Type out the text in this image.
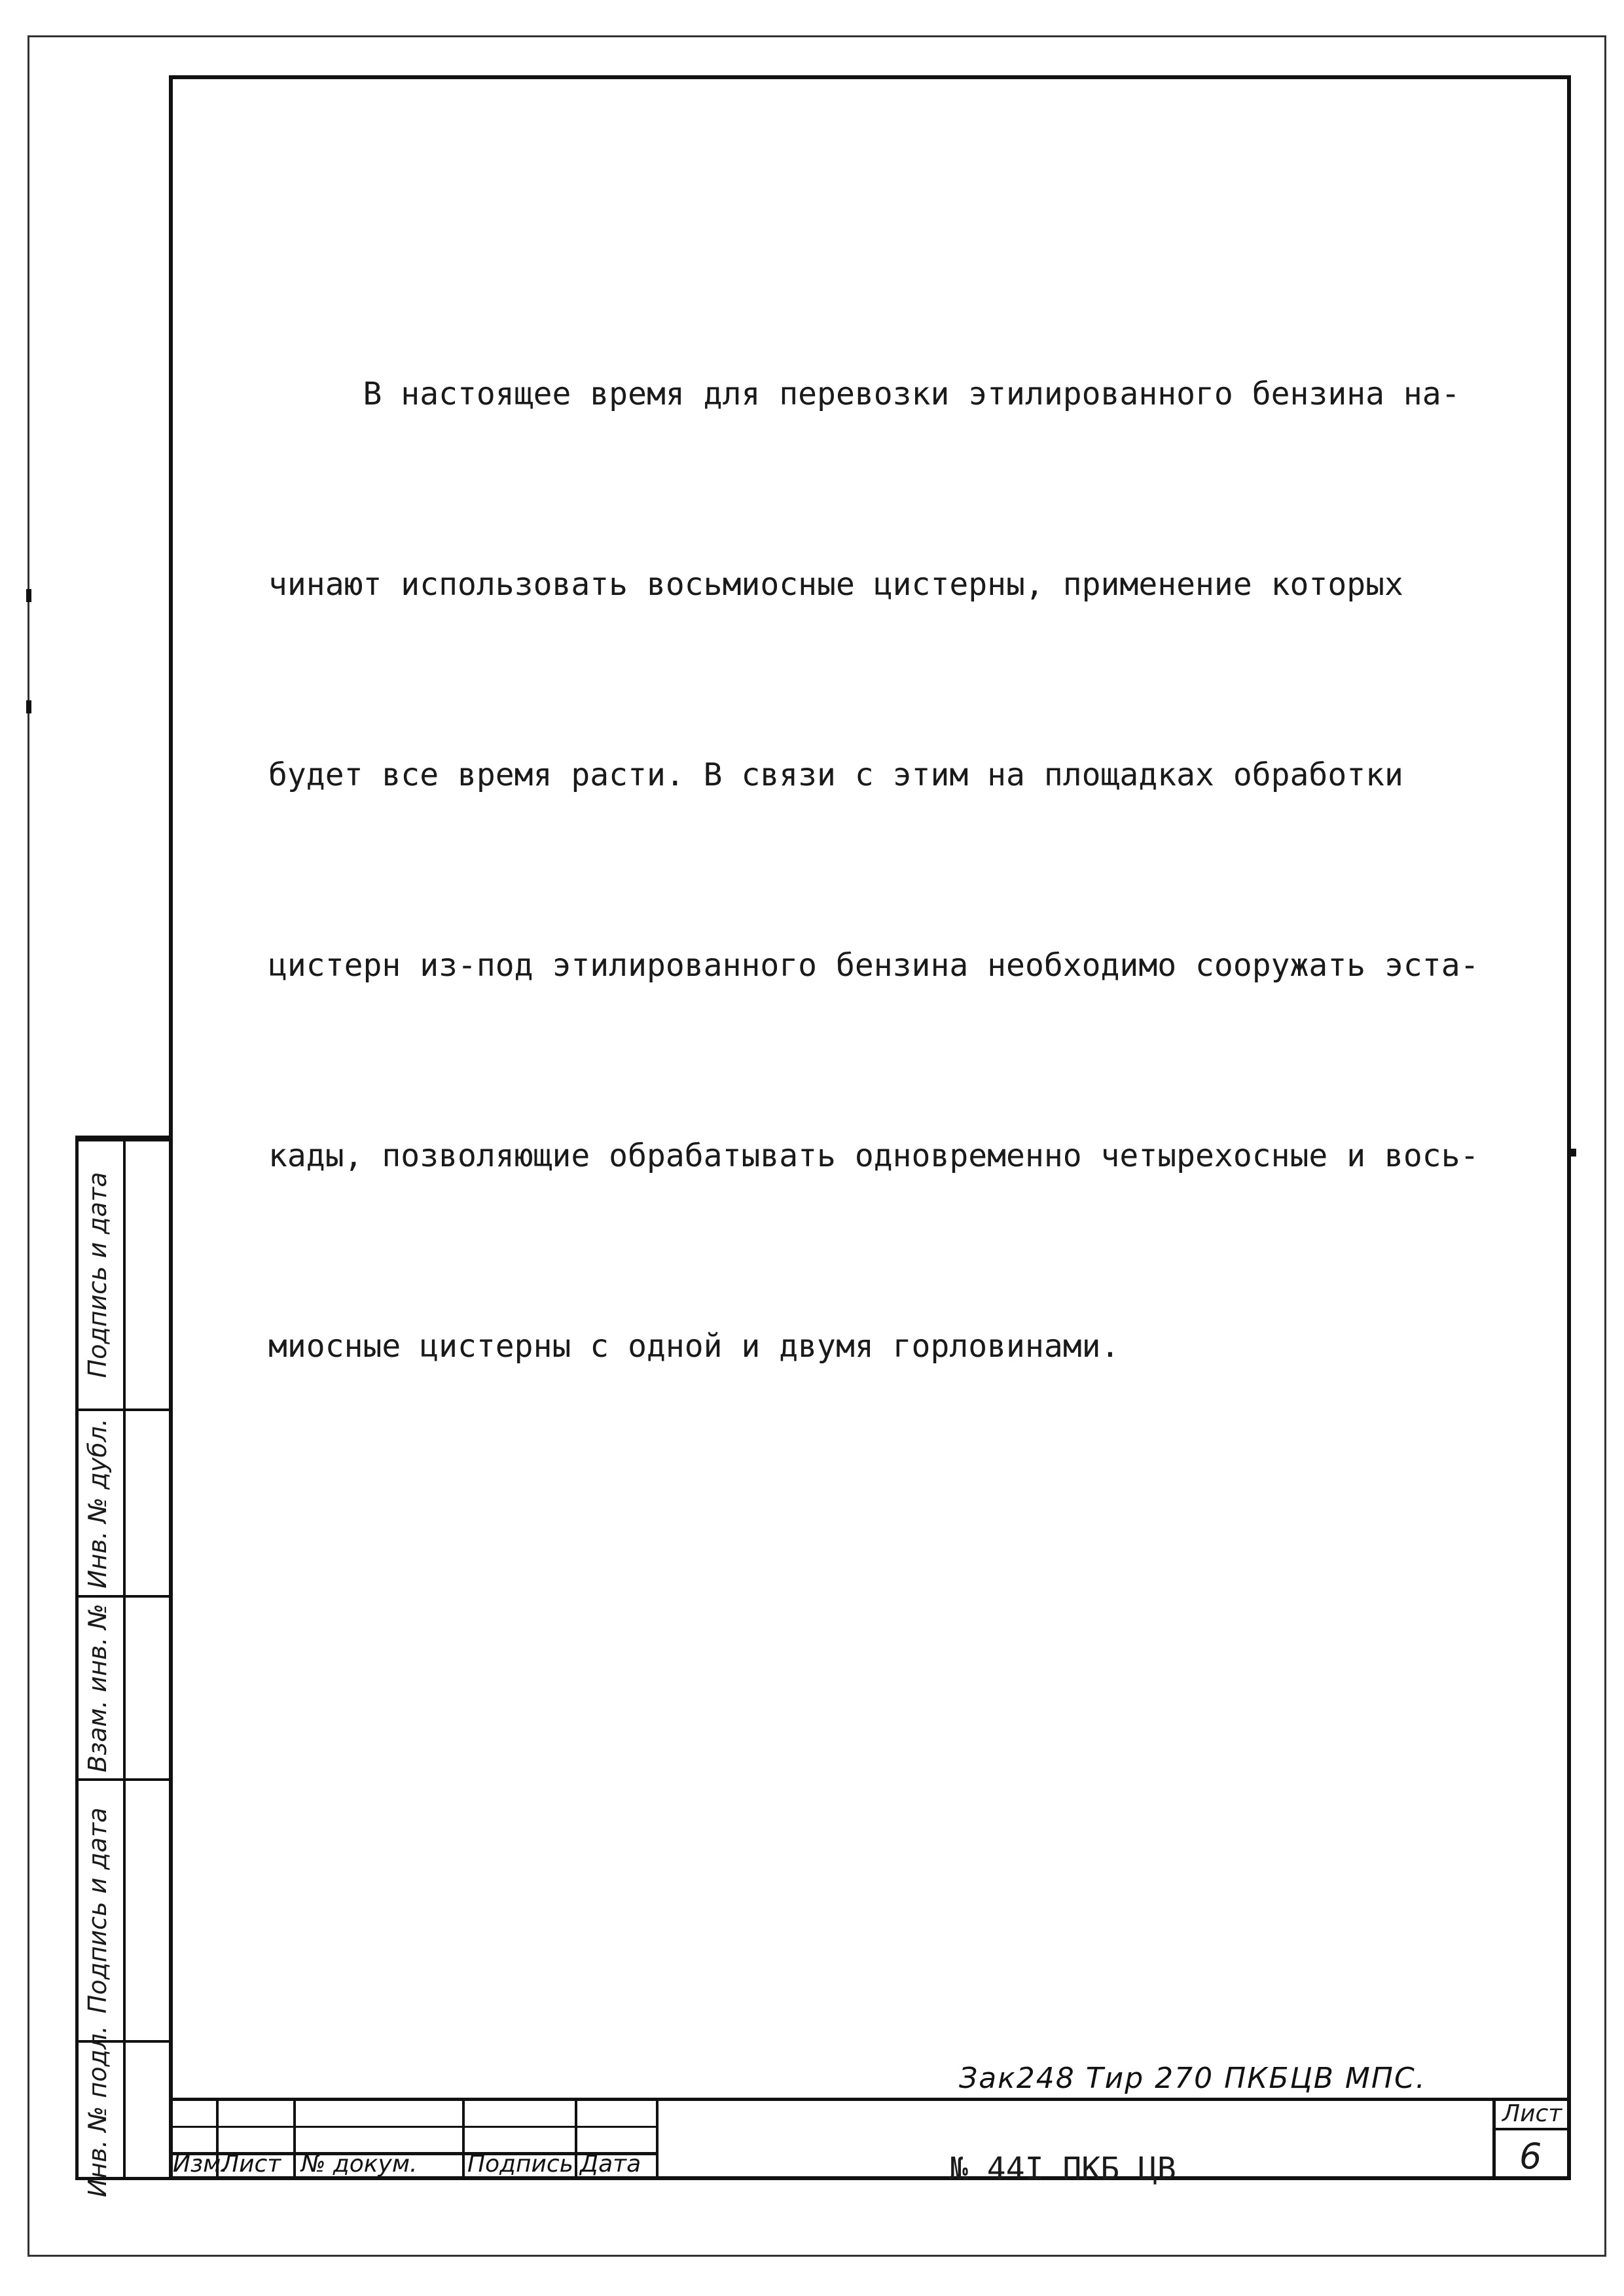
В настоящее время для перевозки этилированного бензина на-

чинают использовать восьмиосные цистерны, применение которых

будет все время расти. В связи с этим на площадках обработки

цистерн из-под этилированного бензина необходимо сооружать эста-

кады, позволяющие обрабатывать одновременно четырехосные и вось-

миосные цистерны с одной и двумя горловинами.

Подпись и дата
Инв. № дубл.
Взам. инв. №
Подпись и дата
Инв. № подл.	Зак248 Тир 270 ПКБЦВ МПС.
Изм.
Лист № докум. Подпись Дата	№ 44I ПКБ ЦВ
Лист
6
